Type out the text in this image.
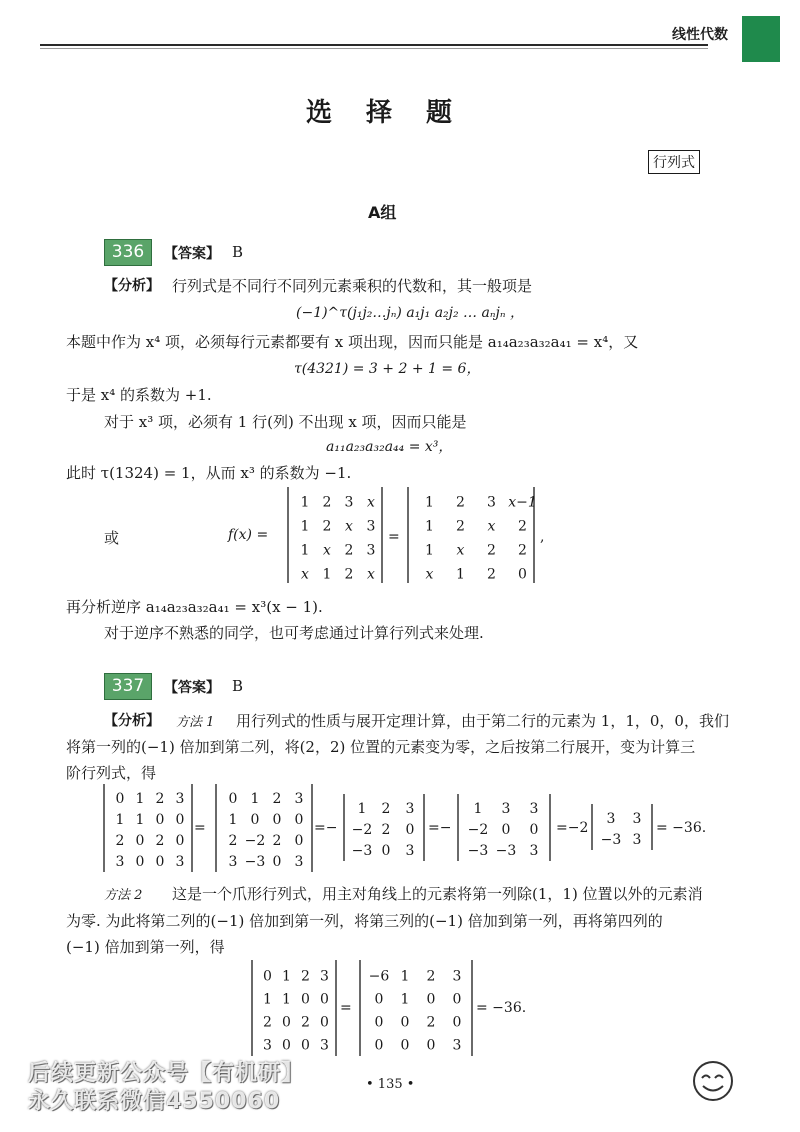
线性代数
选择题
行列式
A组
336	【答案】 B
【分析】 行列式是不同行不同列元素乘积的代数和，其一般项是
(−1)^τ(j₁j₂…jₙ) a₁j₁ a₂j₂ … aₙjₙ ，
本题中作为 x⁴ 项，必须每行元素都要有 x 项出现，因而只能是 a₁₄a₂₃a₃₂a₄₁ = x⁴，又
τ(4321) = 3 + 2 + 1 = 6，
于是 x⁴ 的系数为 +1.
对于 x³ 项，必须有 1 行(列) 不出现 x 项，因而只能是
a₁₁a₂₃a₃₂a₄₄ = x³，
此时 τ(1324) = 1，从而 x³ 的系数为 −1.
或	f(x) =
1 2 3 x
1 2 x 3
1 x 2 3
x 1 2 x
=
1 2 3 x−1
1 2 x 2
1 x 2 2
x 1 2 0
,
再分析逆序 a₁₄a₂₃a₃₂a₄₁ = x³(x − 1).
对于逆序不熟悉的同学，也可考虑通过计算行列式来处理.
337	【答案】 B
【分析】 方法 1 用行列式的性质与展开定理计算，由于第二行的元素为 1，1，0，0，我们
将第一列的(−1) 倍加到第二列，将(2，2) 位置的元素变为零，之后按第二行展开，变为计算三
阶行列式，得
0 1 2 3
1 1 0 0
2 0 2 0
3 0 0 3
0 1 2 3
1 0 0 0
2 −2 2 0
3 −3 0 3
1 2 3
−2 2 0
−3 0 3
1 3 3
−2 0 0
−3 −3 3
3 3
−3 3
=	=−	=−	=−2	= −36.
方法 2 这是一个爪形行列式，用主对角线上的元素将第一列除(1，1) 位置以外的元素消
为零. 为此将第二列的(−1) 倍加到第一列，将第三列的(−1) 倍加到第一列，再将第四列的
(−1) 倍加到第一列，得
0 1 2 3
1 1 0 0
2 0 2 0
3 0 0 3
−6 1 2 3
0 1 0 0
0 0 2 0
0 0 0 3
=	= −36.
• 135 •
后续更新公众号【有机研】
永久联系微信4550060
